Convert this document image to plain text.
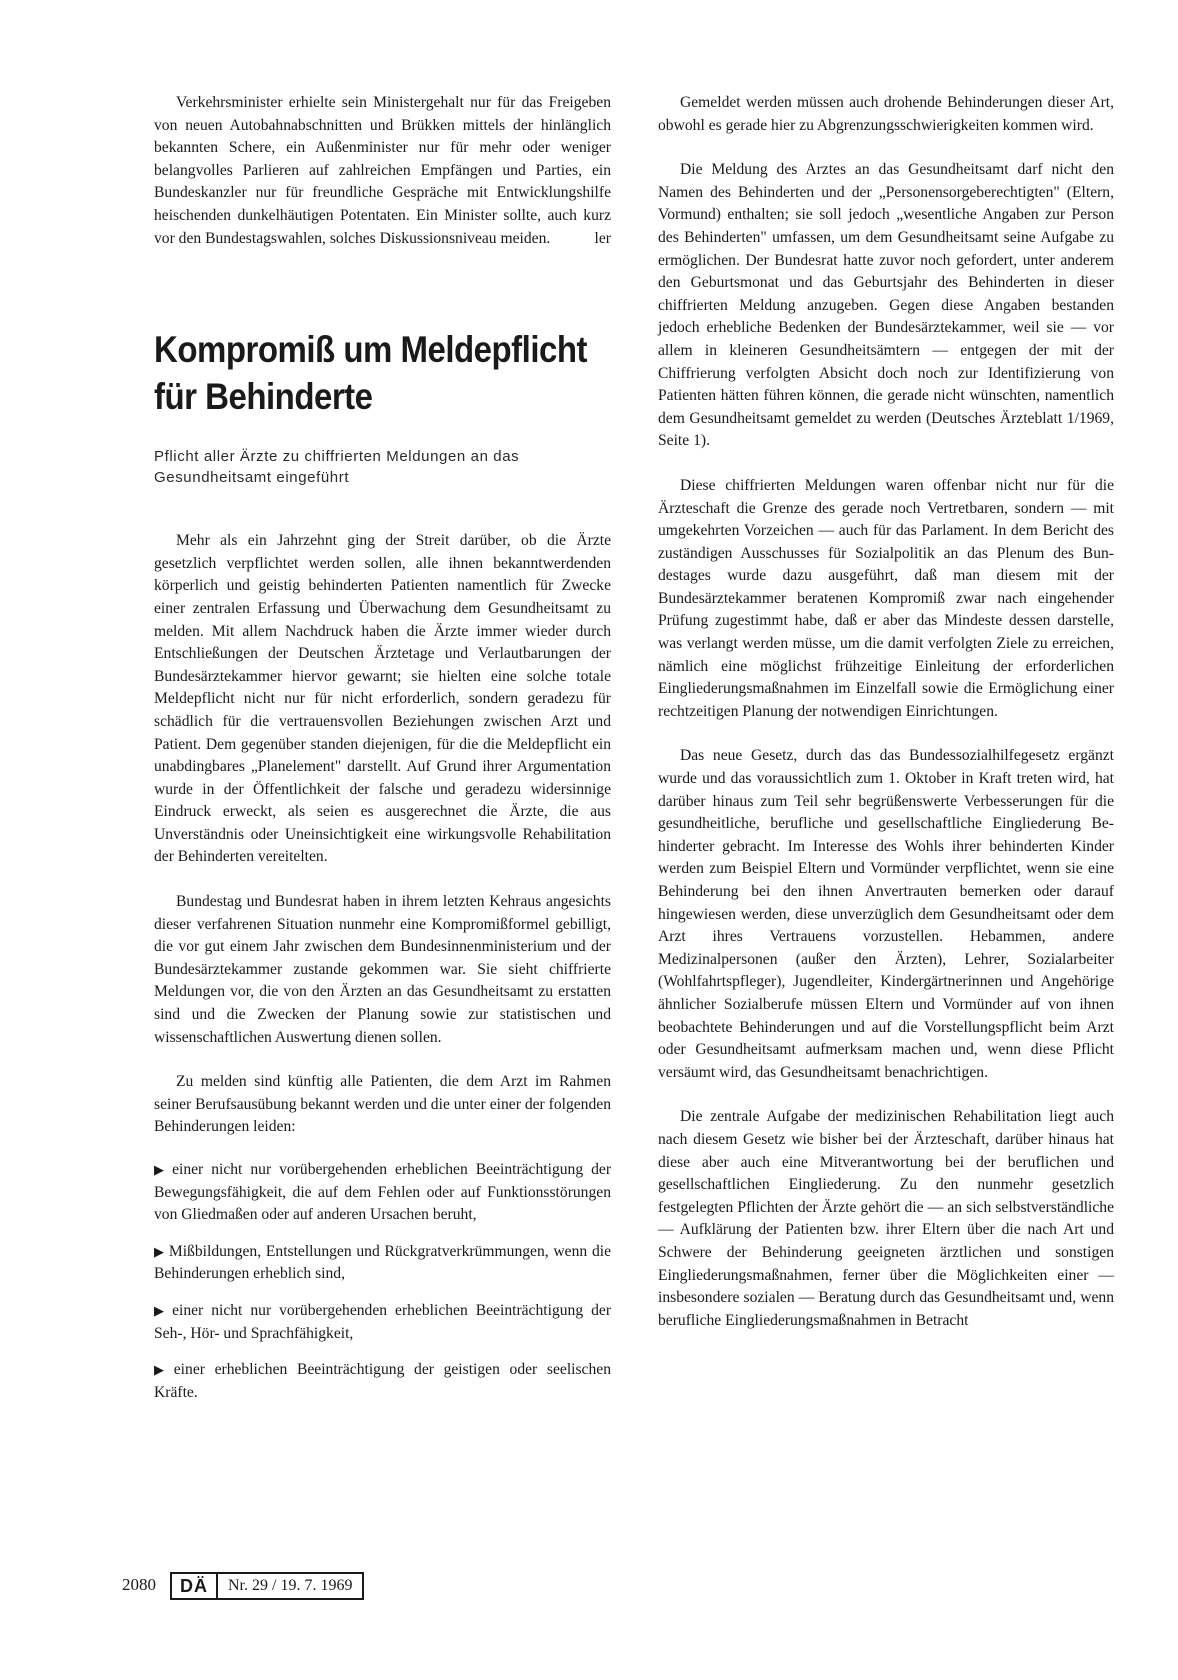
Verkehrsminister erhielte sein Ministergehalt nur für das Freigeben von neuen Autobahnabschnitten und Brükken mittels der hinlänglich bekannten Schere, ein Außenminister nur für mehr oder weniger belangvolles Parlieren auf zahlreichen Empfängen und Parties, ein Bundeskanzler nur für freundliche Gespräche mit Entwicklungshilfe heischenden dunkelhäutigen Potentaten. Ein Minister sollte, auch kurz vor den Bundestagswahlen, solches Diskussionsniveau meiden.	ler

Kompromiß um Meldepflicht für Behinderte

Pflicht aller Ärzte zu chiffrierten Meldungen an das Gesundheitsamt eingeführt

Mehr als ein Jahrzehnt ging der Streit darüber, ob die Ärzte gesetzlich verpflichtet werden sollen, alle ihnen bekanntwerdenden körperlich und geistig behinderten Patienten namentlich für Zwecke einer zentralen Erfassung und Überwachung dem Gesundheitsamt zu melden. Mit allem Nachdruck haben die Ärzte immer wieder durch Entschließungen der Deutschen Ärztetage und Verlautbarungen der Bundesärztekammer hiervor gewarnt; sie hielten eine solche totale Meldepflicht nicht nur für nicht erforderlich, sondern geradezu für schädlich für die vertrauensvollen Beziehungen zwischen Arzt und Patient. Dem gegenüber standen diejenigen, für die die Meldepflicht ein unabdingbares „Planelement" darstellt. Auf Grund ihrer Argumentation wurde in der Öffentlichkeit der falsche und geradezu widersinnige Eindruck erweckt, als seien es ausgerechnet die Ärzte, die aus Unverständnis oder Uneinsichtigkeit eine wirkungsvolle Rehabilitation der Behinderten vereitelten.

Bundestag und Bundesrat haben in ihrem letzten Kehraus angesichts dieser verfahrenen Situation nunmehr eine Kompromißformel gebilligt, die vor gut einem Jahr zwischen dem Bundesinnenministerium und der Bundesärztekammer zustande gekommen war. Sie sieht chiffrierte Meldungen vor, die von den Ärzten an das Gesundheitsamt zu erstatten sind und die Zwecken der Planung sowie zur statistischen und wissenschaftlichen Auswertung dienen sollen.

Zu melden sind künftig alle Patienten, die dem Arzt im Rahmen seiner Berufsausübung bekannt werden und die unter einer der folgenden Behinderungen leiden:

▶ einer nicht nur vorübergehenden erheblichen Beeinträchtigung der Bewegungsfähigkeit, die auf dem Fehlen oder auf Funktionsstörungen von Gliedmaßen oder auf anderen Ursachen beruht,
▶ Mißbildungen, Entstellungen und Rückgratverkrümmungen, wenn die Behinderungen erheblich sind,
▶ einer nicht nur vorübergehenden erheblichen Beeinträchtigung der Seh-, Hör- und Sprachfähigkeit,
▶ einer erheblichen Beeinträchtigung der geistigen oder seelischen Kräfte.

Gemeldet werden müssen auch drohende Behinderungen dieser Art, obwohl es gerade hier zu Abgrenzungsschwierigkeiten kommen wird.

Die Meldung des Arztes an das Gesundheitsamt darf nicht den Namen des Behinderten und der „Personensorgeberechtigten" (Eltern, Vormund) enthalten; sie soll jedoch „wesentliche Angaben zur Person des Behinderten" umfassen, um dem Gesundheitsamt seine Aufgabe zu ermöglichen. Der Bundesrat hatte zuvor noch gefordert, unter anderem den Geburtsmonat und das Geburtsjahr des Behinderten in dieser chiffrierten Meldung anzugeben. Gegen diese Angaben bestanden jedoch erhebliche Bedenken der Bundesärztekammer, weil sie — vor allem in kleineren Gesundheitsämtern — entgegen der mit der Chiffrierung verfolgten Absicht doch noch zur Identifizierung von Patienten hätten führen können, die gerade nicht wünschten, namentlich dem Gesundheitsamt gemeldet zu werden (Deutsches Ärzteblatt 1/1969, Seite 1).

Diese chiffrierten Meldungen waren offenbar nicht nur für die Ärzteschaft die Grenze des gerade noch Vertretbaren, sondern — mit umgekehrten Vorzeichen — auch für das Parlament. In dem Bericht des zuständigen Ausschusses für Sozialpolitik an das Plenum des Bundestages wurde dazu ausgeführt, daß man diesem mit der Bundesärztekammer beratenen Kompromiß zwar nach eingehender Prüfung zugestimmt habe, daß er aber das Mindeste dessen darstelle, was verlangt werden müsse, um die damit verfolgten Ziele zu erreichen, nämlich eine möglichst frühzeitige Einleitung der erforderlichen Eingliederungsmaßnahmen im Einzelfall sowie die Ermöglichung einer rechtzeitigen Planung der notwendigen Einrichtungen.

Das neue Gesetz, durch das das Bundessozialhilfegesetz ergänzt wurde und das voraussichtlich zum 1. Oktober in Kraft treten wird, hat darüber hinaus zum Teil sehr begrüßenswerte Verbesserungen für die gesundheitliche, berufliche und gesellschaftliche Eingliederung Behinderter gebracht. Im Interesse des Wohls ihrer behinderten Kinder werden zum Beispiel Eltern und Vormünder verpflichtet, wenn sie eine Behinderung bei den ihnen Anvertrauten bemerken oder darauf hingewiesen werden, diese unverzüglich dem Gesundheitsamt oder dem Arzt ihres Vertrauens vorzustellen. Hebammen, andere Medizinalpersonen (außer den Ärzten), Lehrer, Sozialarbeiter (Wohlfahrtspfleger), Jugendleiter, Kindergärtnerinnen und Angehörige ähnlicher Sozialberufe müssen Eltern und Vormünder auf von ihnen beobachtete Behinderungen und auf die Vorstellungspflicht beim Arzt oder Gesundheitsamt aufmerksam machen und, wenn diese Pflicht versäumt wird, das Gesundheitsamt benachrichtigen.

Die zentrale Aufgabe der medizinischen Rehabilitation liegt auch nach diesem Gesetz wie bisher bei der Ärzteschaft, darüber hinaus hat diese aber auch eine Mitverantwortung bei der beruflichen und gesellschaftlichen Eingliederung. Zu den nunmehr gesetzlich festgelegten Pflichten der Ärzte gehört die — an sich selbstverständliche — Aufklärung der Patienten bzw. ihrer Eltern über die nach Art und Schwere der Behinderung geeigneten ärztlichen und sonstigen Eingliederungsmaßnahmen, ferner über die Möglichkeiten einer — insbesondere sozialen — Beratung durch das Gesundheitsamt und, wenn berufliche Eingliederungsmaßnahmen in Betracht

2080	DÄ	Nr. 29 / 19. 7. 1969
